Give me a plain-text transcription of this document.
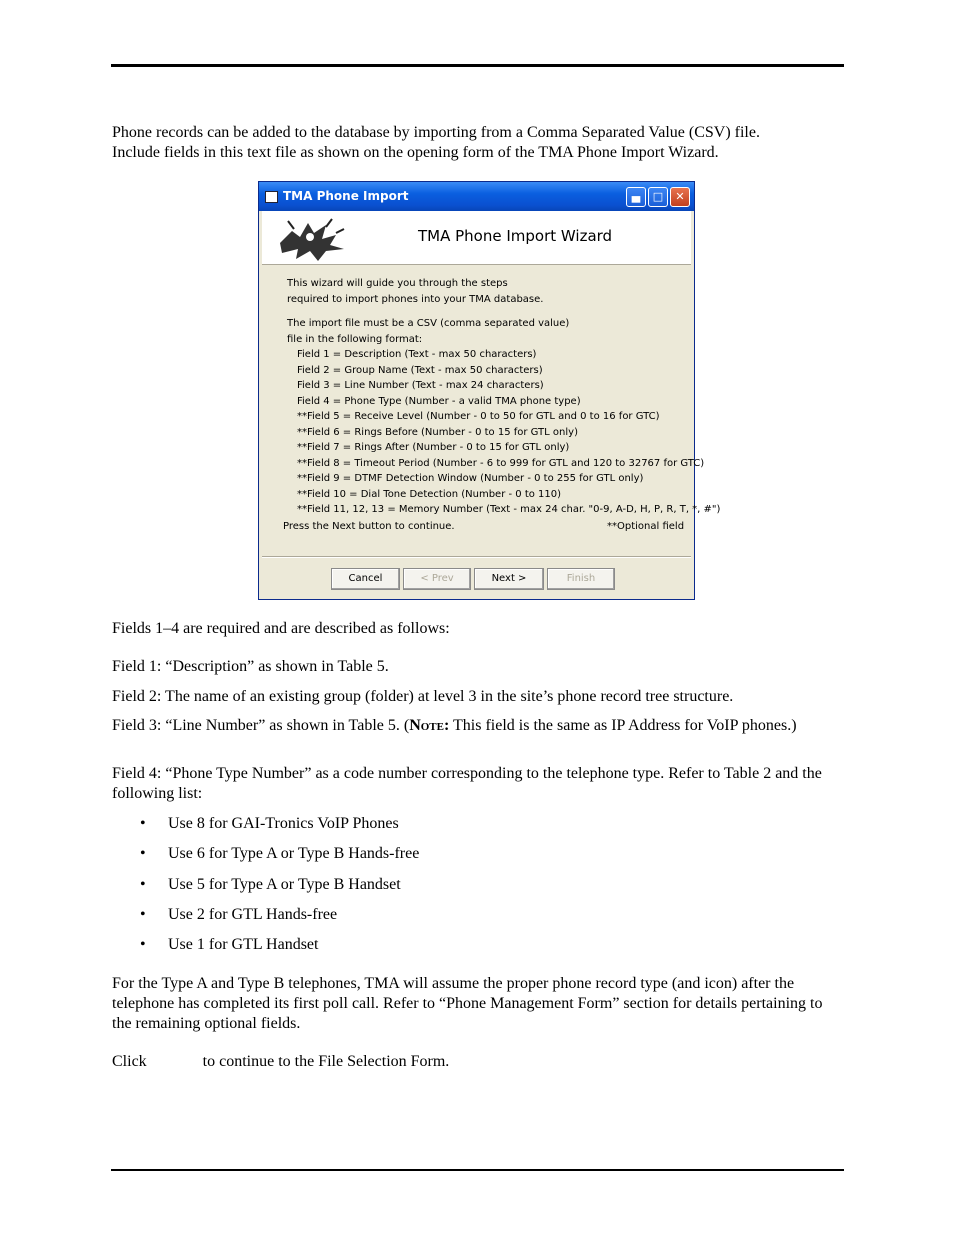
Phone records can be added to the database by importing from a Comma Separated Value (CSV) file.
Include fields in this text file as shown on the opening form of the TMA Phone Import Wizard.

TMA Phone Import	▄	□	✕
TMA Phone Import Wizard
This wizard will guide you through the steps
required to import phones into your TMA database.
The import file must be a CSV (comma separated value)
file in the following format:
Field 1 = Description (Text - max 50 characters)
Field 2 = Group Name (Text - max 50 characters)
Field 3 = Line Number (Text - max 24 characters)
Field 4 = Phone Type (Number - a valid TMA phone type)
**Field 5 = Receive Level (Number - 0 to 50 for GTL and 0 to 16 for GTC)
**Field 6 = Rings Before (Number - 0 to 15 for GTL only)
**Field 7 = Rings After (Number - 0 to 15 for GTL only)
**Field 8 = Timeout Period (Number - 6 to 999 for GTL and 120 to 32767 for GTC)
**Field 9 = DTMF Detection Window (Number - 0 to 255 for GTL only)
**Field 10 = Dial Tone Detection (Number - 0 to 110)
**Field 11, 12, 13 = Memory Number (Text - max 24 char. "0-9, A-D, H, P, R, T, *, #")
Press the Next button to continue.	**Optional field
Cancel	< Prev	Next >	Finish

Fields 1–4 are required and are described as follows:

Field 1: “Description” as shown in Table 5.

Field 2: The name of an existing group (folder) at level 3 in the site’s phone record tree structure.

Field 3: “Line Number” as shown in Table 5. (Note: This field is the same as IP Address for VoIP phones.)

Field 4: “Phone Type Number” as a code number corresponding to the telephone type. Refer to Table 2 and the following list:

• Use 8 for GAI-Tronics VoIP Phones
• Use 6 for Type A or Type B Hands-free
• Use 5 for Type A or Type B Handset
• Use 2 for GTL Hands-free
• Use 1 for GTL Handset

For the Type A and Type B telephones, TMA will assume the proper phone record type (and icon) after the telephone has completed its first poll call. Refer to “Phone Management Form” section for details pertaining to the remaining optional fields.

Click	to continue to the File Selection Form.
